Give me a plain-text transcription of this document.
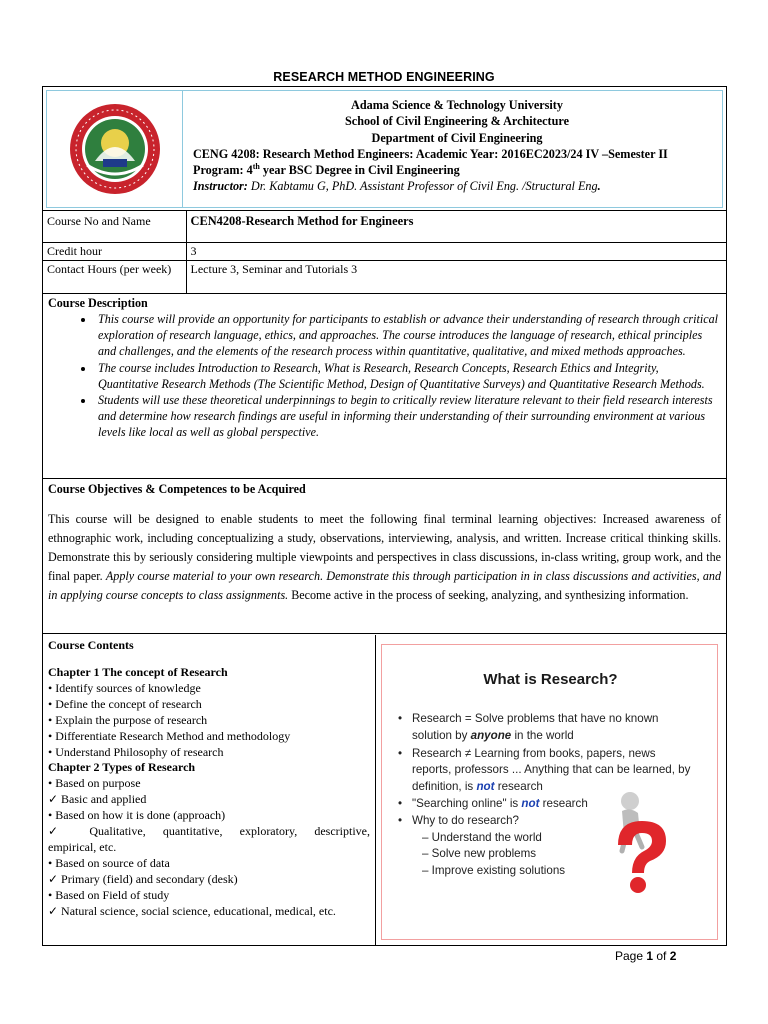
RESEARCH METHOD ENGINEERING
Adama Science & Technology University
School of Civil Engineering & Architecture
Department of Civil Engineering
CENG 4208: Research Method Engineers: Academic Year: 2016EC2023/24 IV –Semester II
Program: 4th year BSC Degree in Civil Engineering
Instructor: Dr. Kabtamu G, PhD. Assistant Professor of Civil Eng. /Structural Eng.
Course No and Name	CEN4208-Research Method for Engineers
Credit hour	3
Contact Hours (per week)	Lecture 3, Seminar and Tutorials 3
Course Description
• This course will provide an opportunity for participants to establish or advance their understanding of research through critical exploration of research language, ethics, and approaches. The course introduces the language of research, ethical principles and challenges, and the elements of the research process within quantitative, qualitative, and mixed methods approaches.
• The course includes Introduction to Research, What is Research, Research Concepts, Research Ethics and Integrity, Quantitative Research Methods (The Scientific Method, Design of Quantitative Surveys) and Quantitative Research Methods.
• Students will use these theoretical underpinnings to begin to critically review literature relevant to their field research interests and determine how research findings are useful in informing their understanding of their surrounding environment at various levels like local as well as global perspective.
Course Objectives & Competences to be Acquired

This course will be designed to enable students to meet the following final terminal learning objectives: Increased awareness of ethnographic work, including conceptualizing a study, observations, interviewing, analysis, and written. Increase critical thinking skills. Demonstrate this by seriously considering multiple viewpoints and perspectives in class discussions, in-class writing, group work, and the final paper. Apply course material to your own research. Demonstrate this through participation in in class discussions and activities, and in applying course concepts to class assignments. Become active in the process of seeking, analyzing, and synthesizing information.

Course Contents
Chapter 1 The concept of Research
• Identify sources of knowledge
• Define the concept of research
• Explain the purpose of research
• Differentiate Research Method and methodology
• Understand Philosophy of research
Chapter 2 Types of Research
• Based on purpose
✓ Basic and applied
• Based on how it is done (approach)
✓ Qualitative, quantitative, exploratory, descriptive,
empirical, etc.
• Based on source of data
✓ Primary (field) and secondary (desk)
• Based on Field of study
✓ Natural science, social science, educational, medical, etc.
What is Research?
• Research = Solve problems that have no known solution by anyone in the world
• Research ≠ Learning from books, papers, news reports, professors ... Anything that can be learned, by definition, is not research
• "Searching online" is not research
• Why to do research?
– Understand the world
– Solve new problems
– Improve existing solutions
Page 1 of 2
